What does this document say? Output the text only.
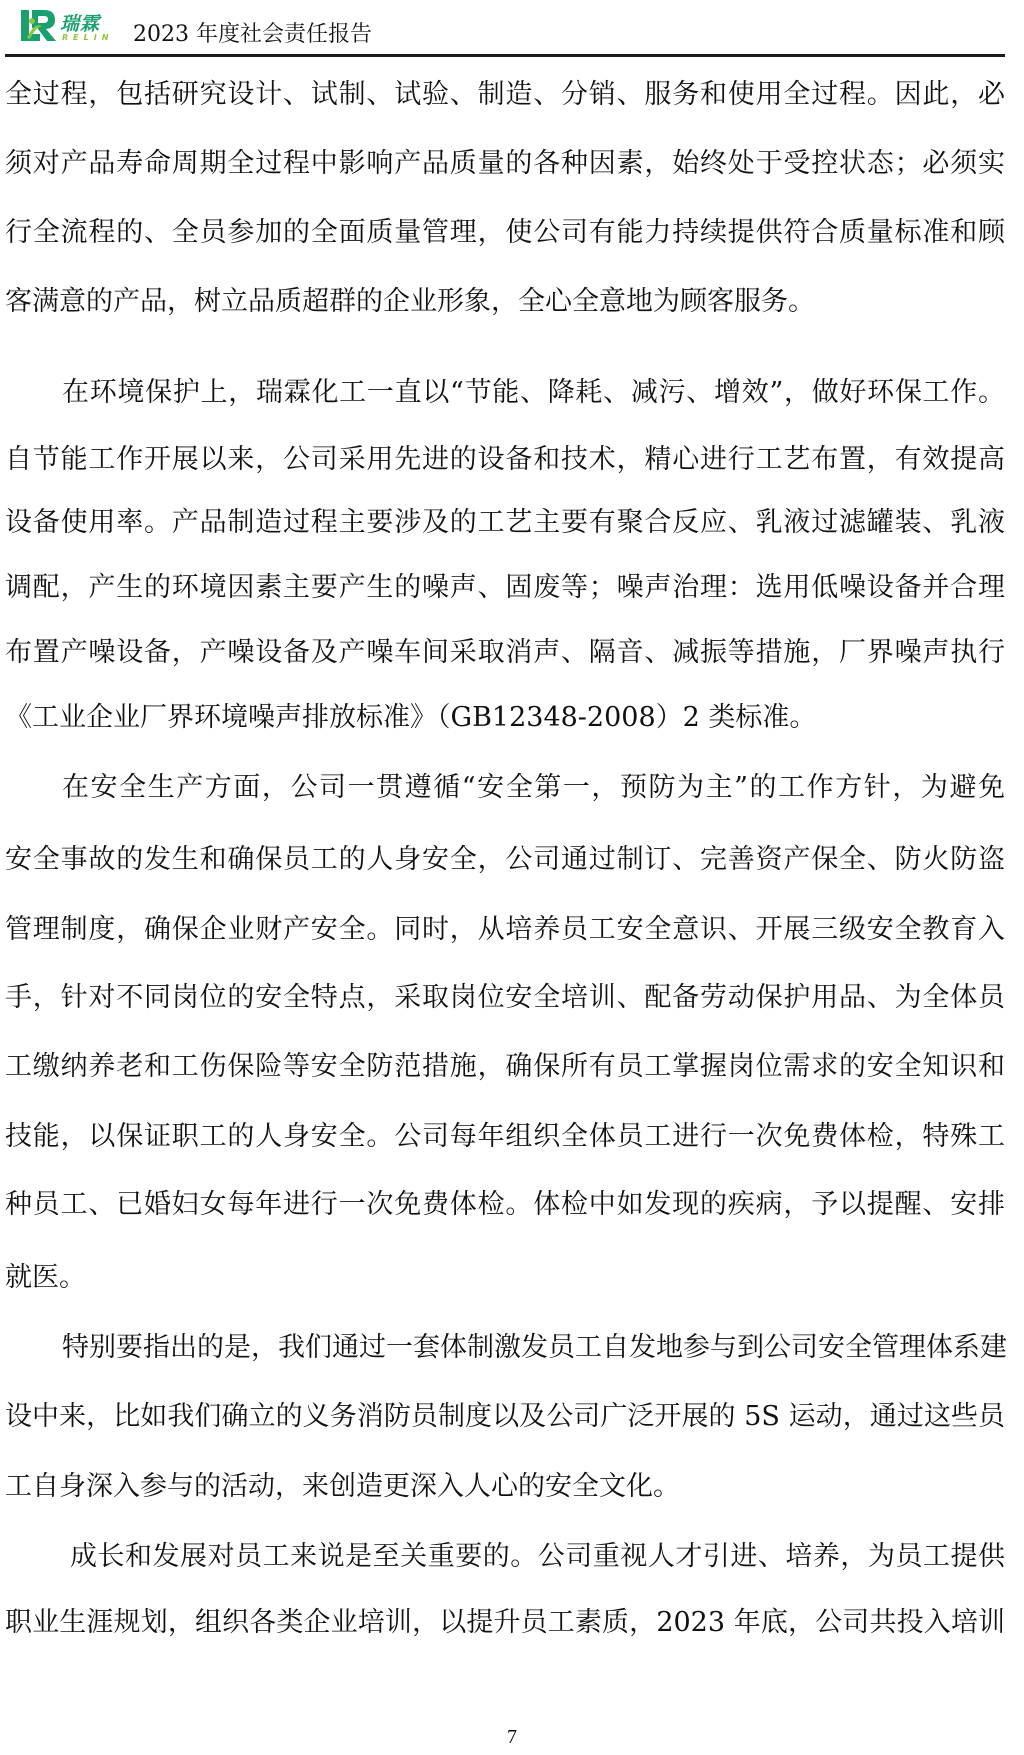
瑞霖
RELIN 2023 年度社会责任报告
全过程，包括研究设计、试制、试验、制造、分销、服务和使用全过程。因此，必
须对产品寿命周期全过程中影响产品质量的各种因素，始终处于受控状态；必须实
行全流程的、全员参加的全面质量管理，使公司有能力持续提供符合质量标准和顾
客满意的产品，树立品质超群的企业形象，全心全意地为顾客服务。
在环境保护上，瑞霖化工一直以“节能、降耗、减污、增效”，做好环保工作。
自节能工作开展以来，公司采用先进的设备和技术，精心进行工艺布置，有效提高
设备使用率。产品制造过程主要涉及的工艺主要有聚合反应、乳液过滤罐装、乳液
调配，产生的环境因素主要产生的噪声、固废等；噪声治理：选用低噪设备并合理
布置产噪设备，产噪设备及产噪车间采取消声、隔音、减振等措施，厂界噪声执行
《工业企业厂界环境噪声排放标准》（GB12348-2008）2 类标准。
在安全生产方面，公司一贯遵循“安全第一，预防为主”的工作方针，为避免
安全事故的发生和确保员工的人身安全，公司通过制订、完善资产保全、防火防盗
管理制度，确保企业财产安全。同时，从培养员工安全意识、开展三级安全教育入
手，针对不同岗位的安全特点，采取岗位安全培训、配备劳动保护用品、为全体员
工缴纳养老和工伤保险等安全防范措施，确保所有员工掌握岗位需求的安全知识和
技能，以保证职工的人身安全。公司每年组织全体员工进行一次免费体检，特殊工
种员工、已婚妇女每年进行一次免费体检。体检中如发现的疾病，予以提醒、安排
就医。
特别要指出的是，我们通过一套体制激发员工自发地参与到公司安全管理体系建
设中来，比如我们确立的义务消防员制度以及公司广泛开展的 5S 运动，通过这些员
工自身深入参与的活动，来创造更深入人心的安全文化。
成长和发展对员工来说是至关重要的。公司重视人才引进、培养，为员工提供
职业生涯规划，组织各类企业培训，以提升员工素质，2023 年底，公司共投入培训
7
